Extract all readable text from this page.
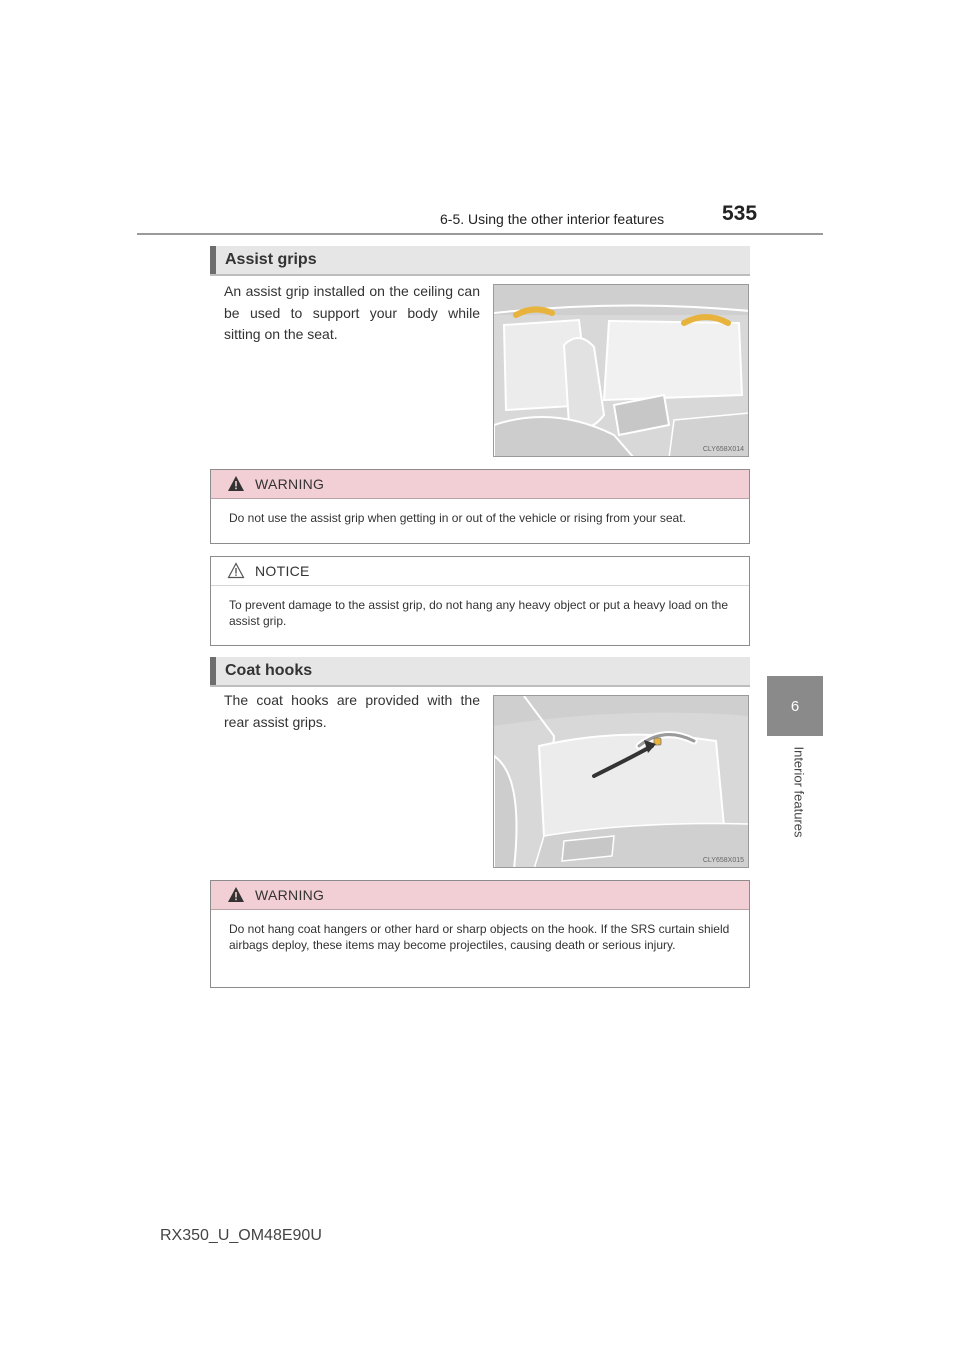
6-5. Using the other interior features	535
6
Interior features
Assist grips
An assist grip installed on the ceiling can be used to support your body while sitting on the seat.
CLY658X014
WARNING
Do not use the assist grip when getting in or out of the vehicle or rising from your seat.
NOTICE
To prevent damage to the assist grip, do not hang any heavy object or put a heavy load on the assist grip.
Coat hooks
The coat hooks are provided with the rear assist grips.
CLY658X015
WARNING
Do not hang coat hangers or other hard or sharp objects on the hook. If the SRS curtain shield airbags deploy, these items may become projectiles, causing death or serious injury.
RX350_U_OM48E90U
